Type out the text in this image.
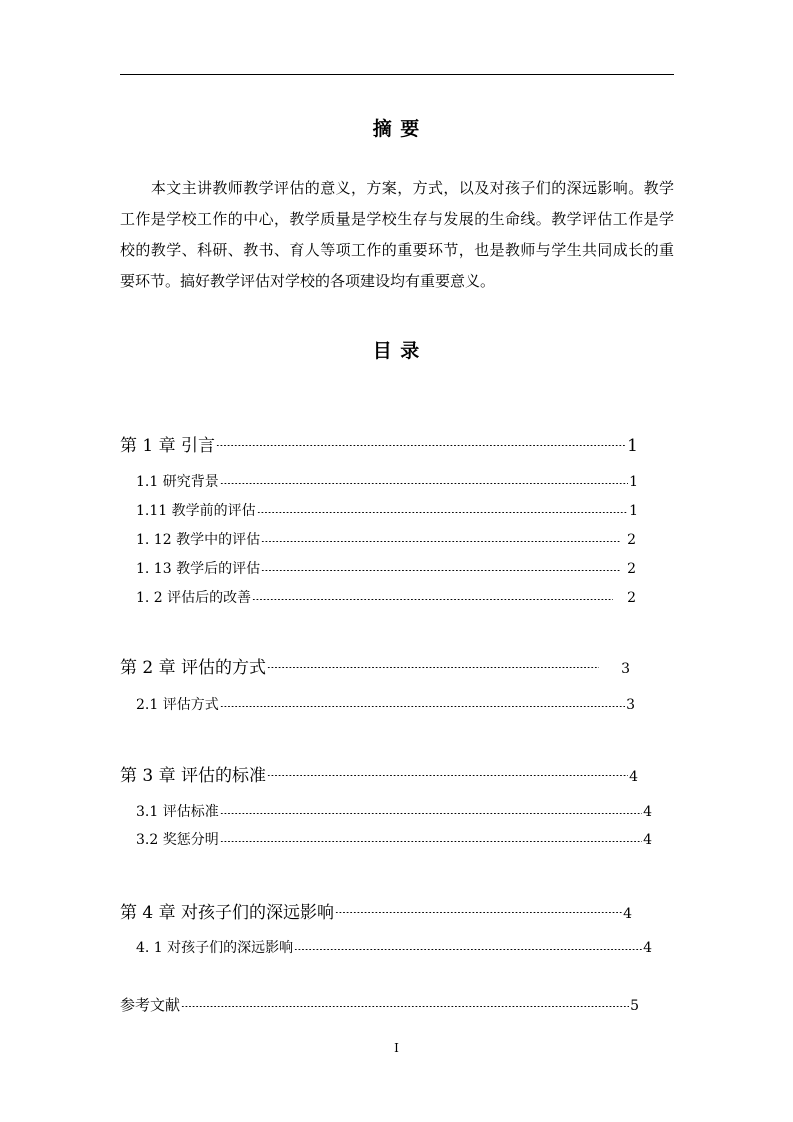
摘 要

　　本文主讲教师教学评估的意义，方案，方式，以及对孩子们的深远影响。教学工作是学校工作的中心，教学质量是学校生存与发展的生命线。教学评估工作是学校的教学、科研、教书、育人等项工作的重要环节，也是教师与学生共同成长的重要环节。搞好教学评估对学校的各项建设均有重要意义。

目 录
第 1 章 引言	1
1.1 研究背景	1
1.11 教学前的评估	1
1. 12 教学中的评估	2
1. 13 教学后的评估	2
1. 2 评估后的改善	2
第 2 章 评估的方式	3
2.1 评估方式	3
第 3 章 评估的标准	4
3.1 评估标准	4
3.2 奖惩分明	4
第 4 章 对孩子们的深远影响	4
4. 1 对孩子们的深远影响	4
参考文献	5
I
